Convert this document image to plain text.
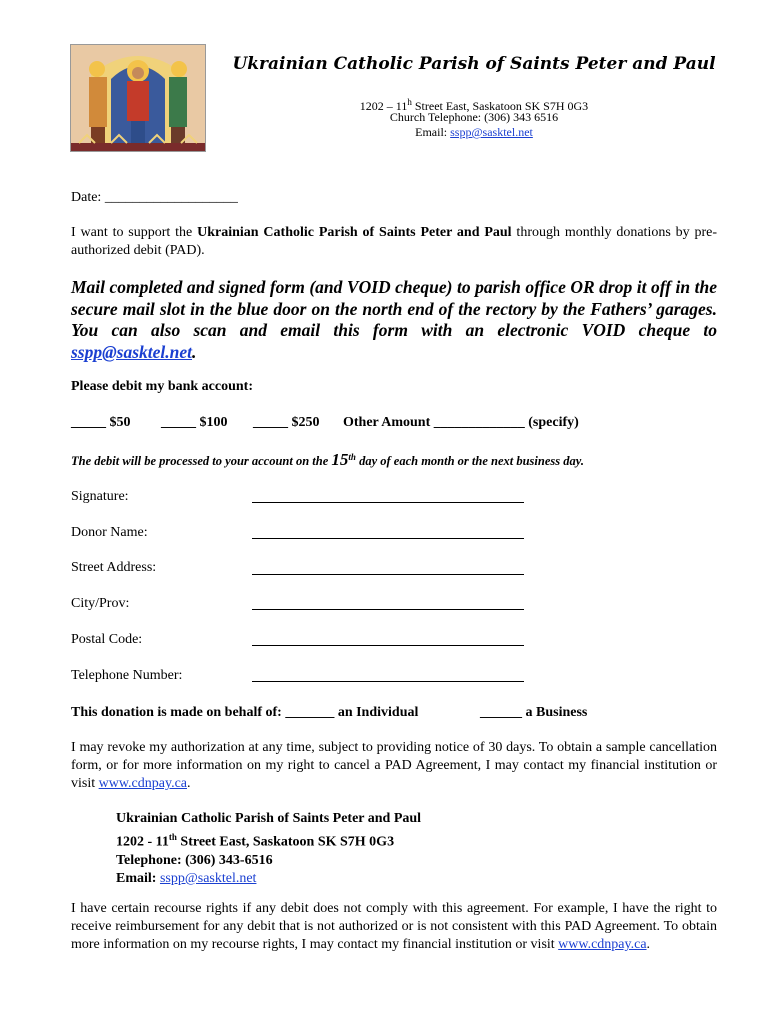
Ukrainian Catholic Parish of Saints Peter and Paul
1202 – 11$^h$ Street East, Saskatoon SK S7H 0G3
Church Telephone: (306) 343 6516
Email: sspp@sasktel.net
Date: ___________________
I want to support the Ukrainian Catholic Parish of Saints Peter and Paul through monthly donations by pre-authorized debit (PAD).
Mail completed and signed form (and VOID cheque) to parish office OR drop it off in the secure mail slot in the blue door on the north end of the rectory by the Fathers’ garages. You can also scan and email this form with an electronic VOID cheque to sspp@sasktel.net.
Please debit my bank account:
_____ $50 _____ $100 _____ $250 Other Amount _____________ (specify)
The debit will be processed to your account on the 15th day of each month or the next business day.
Signature:
Donor Name:
Street Address:
City/Prov:
Postal Code:
Telephone Number:
This donation is made on behalf of: _______ an Individual	______ a Business
I may revoke my authorization at any time, subject to providing notice of 30 days. To obtain a sample cancellation form, or for more information on my right to cancel a PAD Agreement, I may contact my financial institution or visit www.cdnpay.ca.
Ukrainian Catholic Parish of Saints Peter and Paul
1202 - 11th Street East, Saskatoon SK S7H 0G3
Telephone: (306) 343-6516
Email: sspp@sasktel.net
I have certain recourse rights if any debit does not comply with this agreement. For example, I have the right to receive reimbursement for any debit that is not authorized or is not consistent with this PAD Agreement. To obtain more information on my recourse rights, I may contact my financial institution or visit www.cdnpay.ca.
